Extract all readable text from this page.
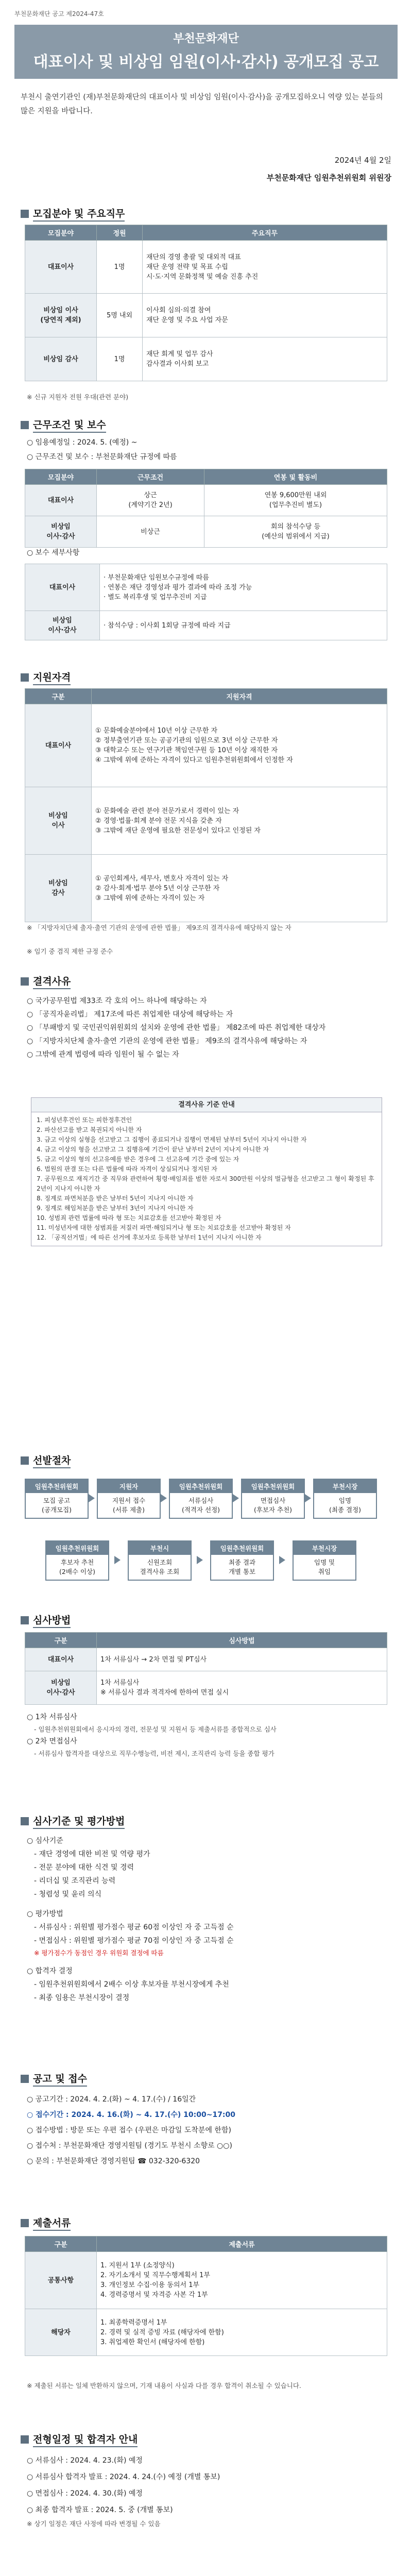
부천문화재단 공고 제2024-47호
부천문화재단
대표이사 및 비상임 임원(이사·감사) 공개모집 공고
부천시 출연기관인 (재)부천문화재단의 대표이사 및 비상임 임원(이사·감사)을 공개모집하오니 역량 있는 분들의 많은 지원을 바랍니다.
2024년 4월 2일
부천문화재단 임원추천위원회 위원장
모집분야 및 주요직무
모집분야	정원	주요직무
대표이사	1명	재단의 경영 총괄 및 대외적 대표
재단 운영 전략 및 목표 수립
시·도·지역 문화정책 및 예술 진흥 추진
비상임 이사
(당연직 제외)	5명 내외	이사회 심의·의결 참여
재단 운영 및 주요 사업 자문
비상임 감사	1명	재단 회계 및 업무 감사
감사결과 이사회 보고
※ 신규 지원자 전원 우대(관련 분야)
근무조건 및 보수
○ 임용예정일 : 2024. 5. (예정) ~
○ 근무조건 및 보수 : 부천문화재단 규정에 따름
모집분야	근무조건	연봉 및 활동비
대표이사	상근
(계약기간 2년)	연봉 9,600만원 내외
(업무추진비 별도)
비상임
이사·감사	비상근	회의 참석수당 등
(예산의 범위에서 지급)
○ 보수 세부사항
대표이사	· 부천문화재단 임원보수규정에 따름
· 연봉은 재단 경영성과 평가 결과에 따라 조정 가능
· 별도 복리후생 및 업무추진비 지급
비상임
이사·감사	· 참석수당 : 이사회 1회당 규정에 따라 지급
지원자격
구분	지원자격
대표이사	① 문화예술분야에서 10년 이상 근무한 자
② 정부출연기관 또는 공공기관의 임원으로 3년 이상 근무한 자
③ 대학교수 또는 연구기관 책임연구원 등 10년 이상 재직한 자
④ 그밖에 위에 준하는 자격이 있다고 임원추천위원회에서 인정한 자
비상임
이사	① 문화예술 관련 분야 전문가로서 경력이 있는 자
② 경영·법률·회계 분야 전문 지식을 갖춘 자
③ 그밖에 재단 운영에 필요한 전문성이 있다고 인정된 자
비상임
감사	① 공인회계사, 세무사, 변호사 자격이 있는 자
② 감사·회계·법무 분야 5년 이상 근무한 자
③ 그밖에 위에 준하는 자격이 있는 자
※ 「지방자치단체 출자·출연 기관의 운영에 관한 법률」 제9조의 결격사유에 해당하지 않는 자
※ 임기 중 겸직 제한 규정 준수
결격사유
○ 국가공무원법 제33조 각 호의 어느 하나에 해당하는 자
○ 「공직자윤리법」 제17조에 따른 취업제한 대상에 해당하는 자
○ 「부패방지 및 국민권익위원회의 설치와 운영에 관한 법률」 제82조에 따른 취업제한 대상자
○ 「지방자치단체 출자·출연 기관의 운영에 관한 법률」 제9조의 결격사유에 해당하는 자
○ 그밖에 관계 법령에 따라 임원이 될 수 없는 자
결격사유 기준 안내
1. 피성년후견인 또는 피한정후견인
2. 파산선고를 받고 복권되지 아니한 자
3. 금고 이상의 실형을 선고받고 그 집행이 종료되거나 집행이 면제된 날부터 5년이 지나지 아니한 자
4. 금고 이상의 형을 선고받고 그 집행유예 기간이 끝난 날부터 2년이 지나지 아니한 자
5. 금고 이상의 형의 선고유예를 받은 경우에 그 선고유예 기간 중에 있는 자
6. 법원의 판결 또는 다른 법률에 따라 자격이 상실되거나 정지된 자
7. 공무원으로 재직기간 중 직무와 관련하여 횡령·배임죄를 범한 자로서 300만원 이상의 벌금형을 선고받고 그 형이 확정된 후 2년이 지나지 아니한 자
8. 징계로 파면처분을 받은 날부터 5년이 지나지 아니한 자
9. 징계로 해임처분을 받은 날부터 3년이 지나지 아니한 자
10. 성범죄 관련 법률에 따라 형 또는 치료감호를 선고받아 확정된 자
11. 미성년자에 대한 성범죄를 저질러 파면·해임되거나 형 또는 치료감호를 선고받아 확정된 자
12. 「공직선거법」에 따른 선거에 후보자로 등록한 날부터 1년이 지나지 아니한 자
선발절차
임원추천위원회
모집 공고
(공개모집)
지원자
지원서 접수
(서류 제출)
임원추천위원회
서류심사
(적격자 선정)
임원추천위원회
면접심사
(후보자 추천)
부천시장
임명
(최종 결정)
임원추천위원회
후보자 추천
(2배수 이상)
부천시
신원조회
결격사유 조회
임원추천위원회
최종 결과
개별 통보
부천시장
임명 및
취임
심사방법
구분	심사방법
대표이사	1차 서류심사 → 2차 면접 및 PT심사
비상임
이사·감사	1차 서류심사
※ 서류심사 결과 적격자에 한하여 면접 실시
○ 1차 서류심사
- 임원추천위원회에서 응시자의 경력, 전문성 및 지원서 등 제출서류를 종합적으로 심사
○ 2차 면접심사
- 서류심사 합격자를 대상으로 직무수행능력, 비전 제시, 조직관리 능력 등을 종합 평가
심사기준 및 평가방법
○ 심사기준
- 재단 경영에 대한 비전 및 역량 평가
- 전문 분야에 대한 식견 및 경력
- 리더십 및 조직관리 능력
- 청렴성 및 윤리 의식
○ 평가방법
- 서류심사 : 위원별 평가점수 평균 60점 이상인 자 중 고득점 순
- 면접심사 : 위원별 평가점수 평균 70점 이상인 자 중 고득점 순
※ 평가점수가 동점인 경우 위원회 결정에 따름
○ 합격자 결정
- 임원추천위원회에서 2배수 이상 후보자를 부천시장에게 추천
- 최종 임용은 부천시장이 결정
공고 및 접수
○ 공고기간 : 2024. 4. 2.(화) ~ 4. 17.(수) / 16일간
○ 접수기간 : 2024. 4. 16.(화) ~ 4. 17.(수) 10:00~17:00
○ 접수방법 : 방문 또는 우편 접수 (우편은 마감일 도착분에 한함)
○ 접수처 : 부천문화재단 경영지원팀 (경기도 부천시 소향로 ○○)
○ 문의 : 부천문화재단 경영지원팀 ☎ 032-320-6320
제출서류
구분	제출서류
공통사항	1. 지원서 1부 (소정양식)
2. 자기소개서 및 직무수행계획서 1부
3. 개인정보 수집·이용 동의서 1부
4. 경력증명서 및 자격증 사본 각 1부
해당자	1. 최종학력증명서 1부
2. 경력 및 실적 증빙 자료 (해당자에 한함)
3. 취업제한 확인서 (해당자에 한함)
※ 제출된 서류는 일체 반환하지 않으며, 기재 내용이 사실과 다를 경우 합격이 취소될 수 있습니다.
전형일정 및 합격자 안내
○ 서류심사 : 2024. 4. 23.(화) 예정
○ 서류심사 합격자 발표 : 2024. 4. 24.(수) 예정 (개별 통보)
○ 면접심사 : 2024. 4. 30.(화) 예정
○ 최종 합격자 발표 : 2024. 5. 중 (개별 통보)
※ 상기 일정은 재단 사정에 따라 변경될 수 있음
